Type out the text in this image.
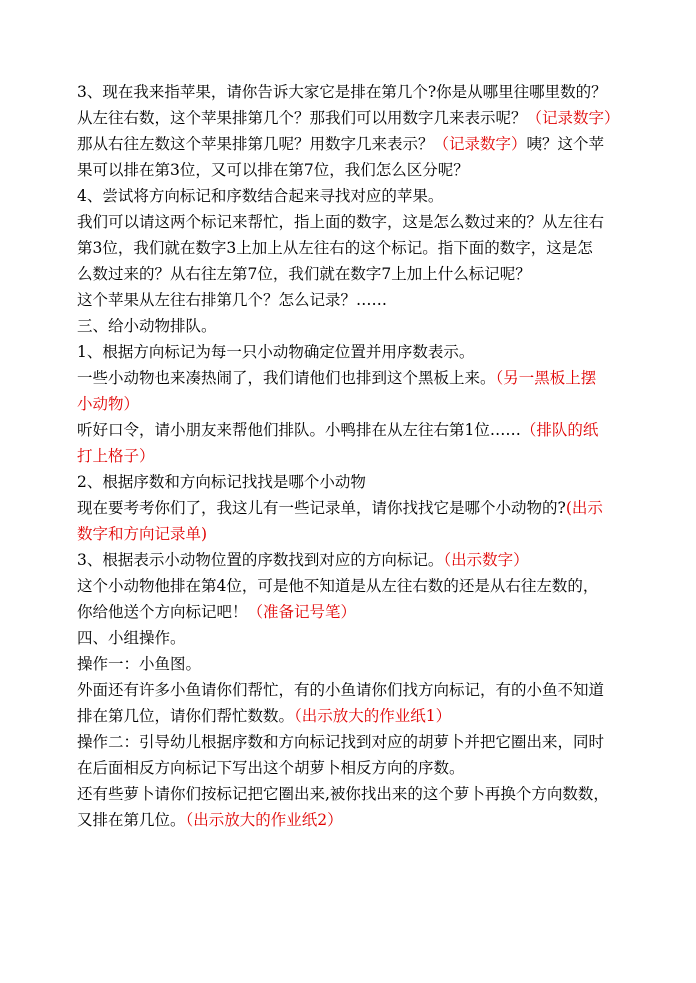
3、现在我来指苹果，请你告诉大家它是排在第几个?你是从哪里往哪里数的？
从左往右数，这个苹果排第几个？那我们可以用数字几来表示呢？（记录数字）
那从右往左数这个苹果排第几呢？用数字几来表示？（记录数字）咦？这个苹
果可以排在第3位，又可以排在第7位，我们怎么区分呢？
4、尝试将方向标记和序数结合起来寻找对应的苹果。
我们可以请这两个标记来帮忙，指上面的数字，这是怎么数过来的？从左往右
第3位，我们就在数字3上加上从左往右的这个标记。指下面的数字，这是怎
么数过来的？从右往左第7位，我们就在数字7上加上什么标记呢？
这个苹果从左往右排第几个？怎么记录？……
三、给小动物排队。
1、根据方向标记为每一只小动物确定位置并用序数表示。
一些小动物也来凑热闹了，我们请他们也排到这个黑板上来。（另一黑板上摆
小动物）
听好口令，请小朋友来帮他们排队。小鸭排在从左往右第1位……（排队的纸
打上格子）
2、根据序数和方向标记找找是哪个小动物
现在要考考你们了，我这儿有一些记录单，请你找找它是哪个小动物的?(出示
数字和方向记录单)
3、根据表示小动物位置的序数找到对应的方向标记。（出示数字）
这个小动物他排在第4位，可是他不知道是从左往右数的还是从右往左数的，
你给他送个方向标记吧！（准备记号笔）
四、小组操作。
操作一：小鱼图。
外面还有许多小鱼请你们帮忙，有的小鱼请你们找方向标记，有的小鱼不知道
排在第几位，请你们帮忙数数。（出示放大的作业纸1）
操作二：引导幼儿根据序数和方向标记找到对应的胡萝卜并把它圈出来，同时
在后面相反方向标记下写出这个胡萝卜相反方向的序数。
还有些萝卜请你们按标记把它圈出来,被你找出来的这个萝卜再换个方向数数，
又排在第几位。（出示放大的作业纸2）
